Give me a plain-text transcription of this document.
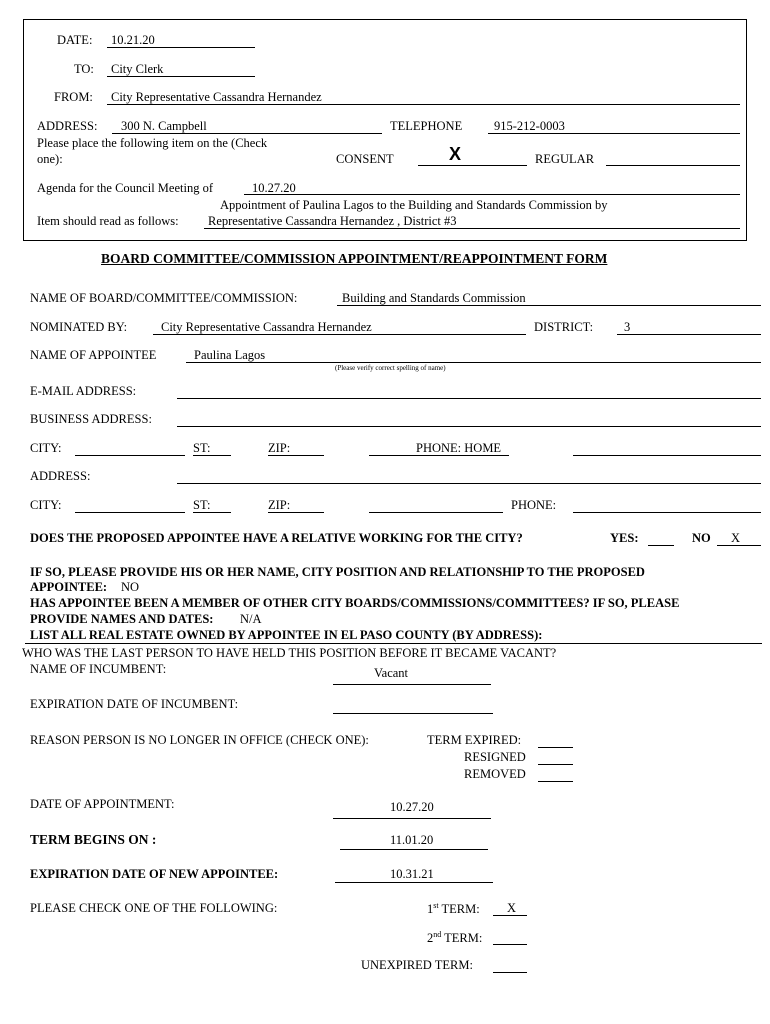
DATE: 10.21.20
TO: City Clerk
FROM: City Representative Cassandra Hernandez
ADDRESS: 300 N. Campbell	TELEPHONE	915-212-0003
Please place the following item on the (Check
one):	CONSENT	X	REGULAR
Agenda for the Council Meeting of	10.27.20
Appointment of Paulina Lagos to the Building and Standards Commission by
Item should read as follows: Representative Cassandra Hernandez , District #3
BOARD COMMITTEE/COMMISSION APPOINTMENT/REAPPOINTMENT FORM
NAME OF BOARD/COMMITTEE/COMMISSION:	Building and Standards Commission
NOMINATED BY:	City Representative Cassandra Hernandez	DISTRICT: 3
NAME OF APPOINTEE	Paulina Lagos
(Please verify correct spelling of name)
E-MAIL ADDRESS:
BUSINESS ADDRESS:
CITY:	ST:	ZIP:	PHONE: HOME
ADDRESS:
CITY:	ST:	ZIP:	PHONE:
DOES THE PROPOSED APPOINTEE HAVE A RELATIVE WORKING FOR THE CITY?	YES:	NO X
IF SO, PLEASE PROVIDE HIS OR HER NAME, CITY POSITION AND RELATIONSHIP TO THE PROPOSED
APPOINTEE: NO
HAS APPOINTEE BEEN A MEMBER OF OTHER CITY BOARDS/COMMISSIONS/COMMITTEES? IF SO, PLEASE
PROVIDE NAMES AND DATES: N/A
LIST ALL REAL ESTATE OWNED BY APPOINTEE IN EL PASO COUNTY (BY ADDRESS):
WHO WAS THE LAST PERSON TO HAVE HELD THIS POSITION BEFORE IT BECAME VACANT?
NAME OF INCUMBENT:	Vacant
EXPIRATION DATE OF INCUMBENT:
REASON PERSON IS NO LONGER IN OFFICE (CHECK ONE):	TERM EXPIRED:
RESIGNED
REMOVED
DATE OF APPOINTMENT:	10.27.20
TERM BEGINS ON :	11.01.20
EXPIRATION DATE OF NEW APPOINTEE:	10.31.21
PLEASE CHECK ONE OF THE FOLLOWING:	1st TERM: X
2nd TERM:
UNEXPIRED TERM:
